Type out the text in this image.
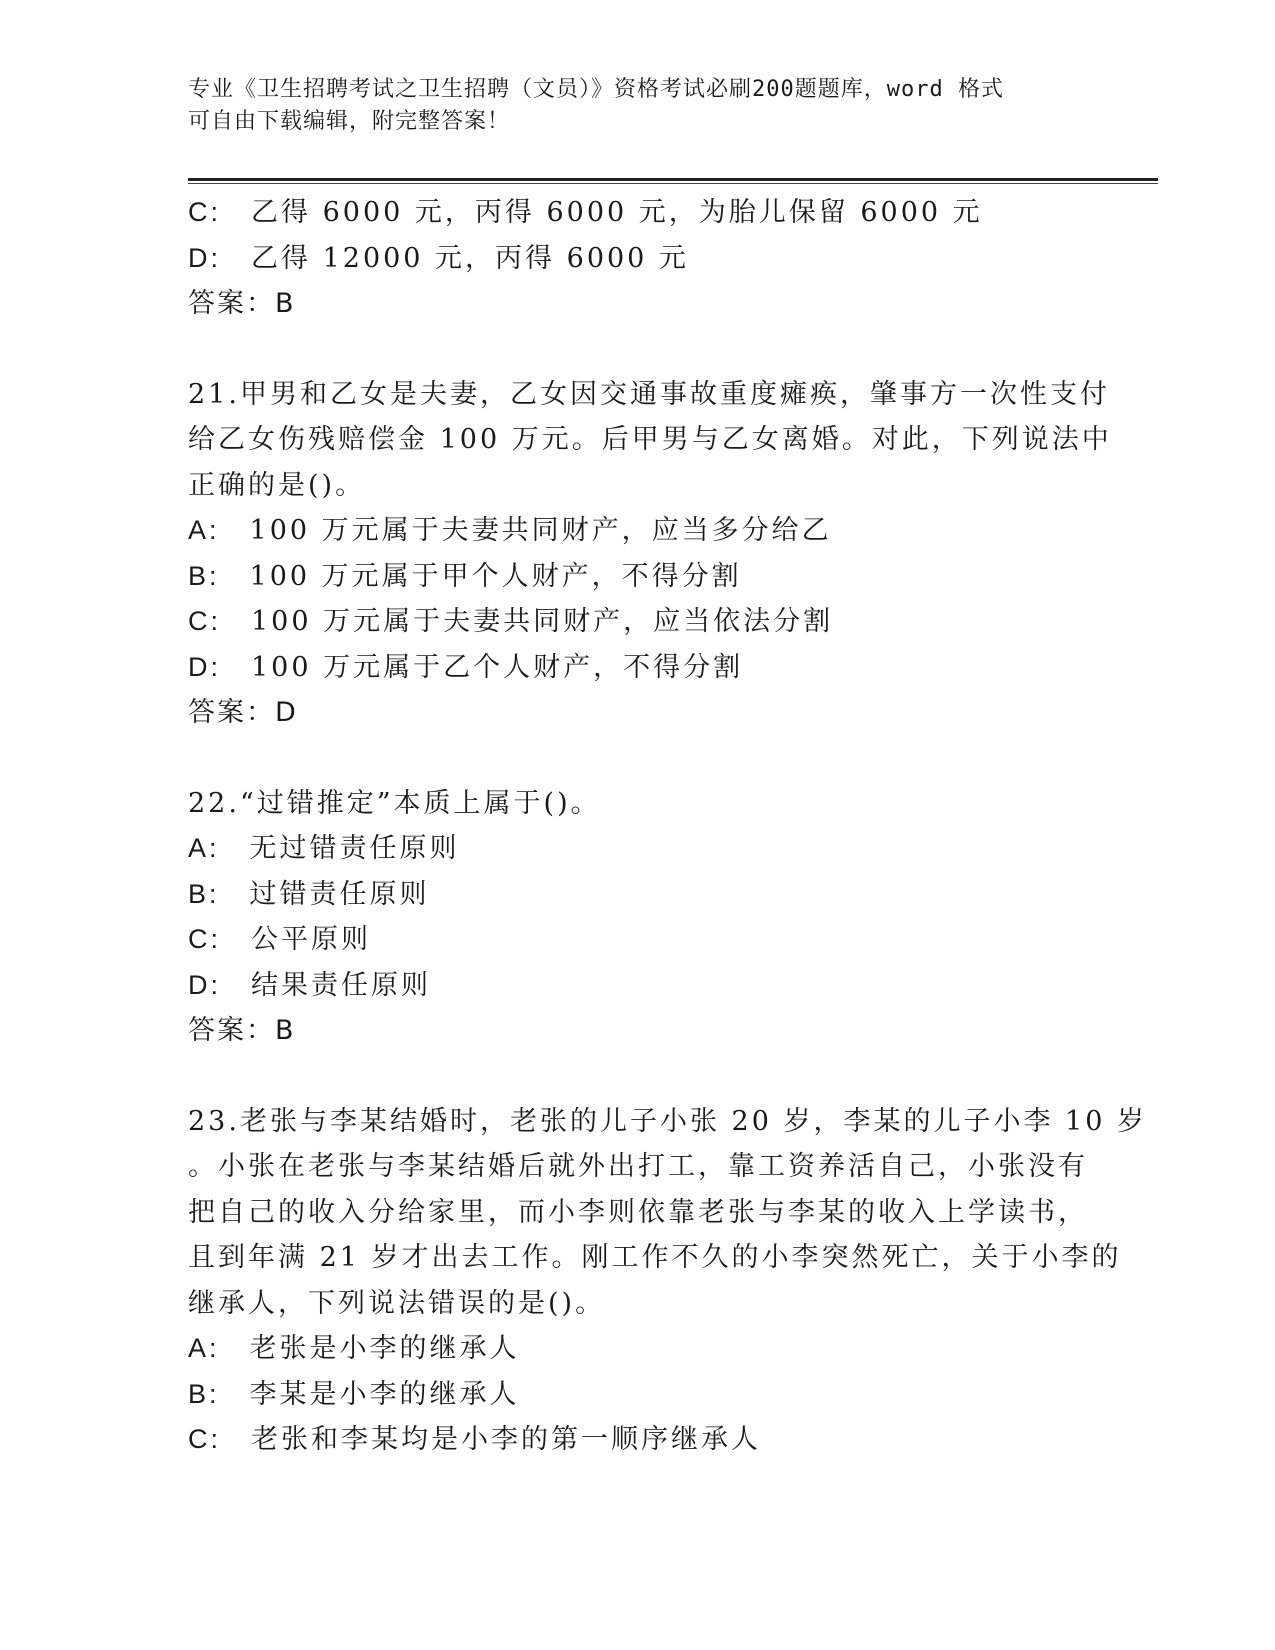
专业《卫生招聘考试之卫生招聘（文员）》资格考试必刷200题题库，word 格式
可自由下载编辑，附完整答案！
C:  乙得 6000 元，丙得 6000 元，为胎儿保留 6000 元
D:  乙得 12000 元，丙得 6000 元
答案：B
21.甲男和乙女是夫妻，乙女因交通事故重度瘫痪，肇事方一次性支付
给乙女伤残赔偿金 100 万元。后甲男与乙女离婚。对此，下列说法中
正确的是()。
A:  100 万元属于夫妻共同财产，应当多分给乙
B:  100 万元属于甲个人财产，不得分割
C:  100 万元属于夫妻共同财产，应当依法分割
D:  100 万元属于乙个人财产，不得分割
答案：D
22.“过错推定”本质上属于()。
A:  无过错责任原则
B:  过错责任原则
C:  公平原则
D:  结果责任原则
答案：B
23.老张与李某结婚时，老张的儿子小张 20 岁，李某的儿子小李 10 岁
。小张在老张与李某结婚后就外出打工，靠工资养活自己，小张没有
把自己的收入分给家里，而小李则依靠老张与李某的收入上学读书，
且到年满 21 岁才出去工作。刚工作不久的小李突然死亡，关于小李的
继承人，下列说法错误的是()。
A:  老张是小李的继承人
B:  李某是小李的继承人
C:  老张和李某均是小李的第一顺序继承人
